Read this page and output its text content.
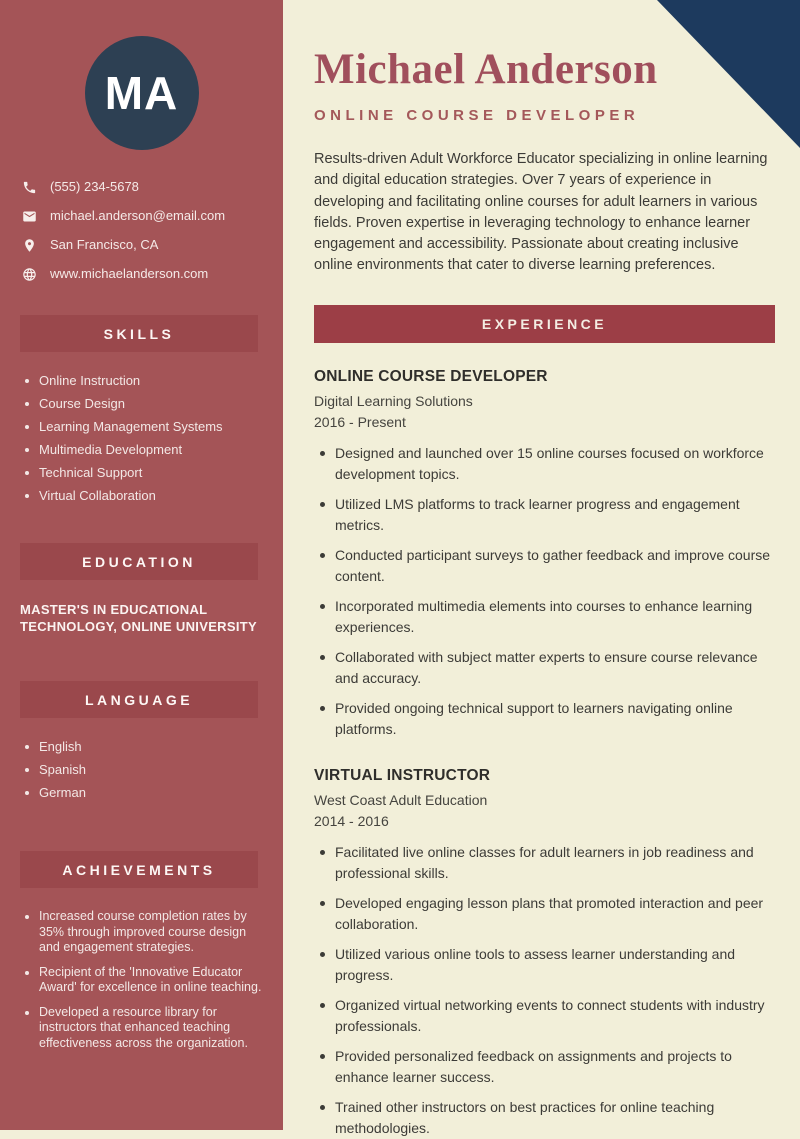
MA
(555) 234-5678
michael.anderson@email.com
San Francisco, CA
www.michaelanderson.com
SKILLS
Online Instruction
Course Design
Learning Management Systems
Multimedia Development
Technical Support
Virtual Collaboration
EDUCATION
MASTER'S IN EDUCATIONAL TECHNOLOGY, ONLINE UNIVERSITY
LANGUAGE
English
Spanish
German
ACHIEVEMENTS
Increased course completion rates by 35% through improved course design and engagement strategies.
Recipient of the 'Innovative Educator Award' for excellence in online teaching.
Developed a resource library for instructors that enhanced teaching effectiveness across the organization.
Michael Anderson
ONLINE COURSE DEVELOPER
Results-driven Adult Workforce Educator specializing in online learning and digital education strategies. Over 7 years of experience in developing and facilitating online courses for adult learners in various fields. Proven expertise in leveraging technology to enhance learner engagement and accessibility. Passionate about creating inclusive online environments that cater to diverse learning preferences.
EXPERIENCE
ONLINE COURSE DEVELOPER
Digital Learning Solutions
2016 - Present
Designed and launched over 15 online courses focused on workforce development topics.
Utilized LMS platforms to track learner progress and engagement metrics.
Conducted participant surveys to gather feedback and improve course content.
Incorporated multimedia elements into courses to enhance learning experiences.
Collaborated with subject matter experts to ensure course relevance and accuracy.
Provided ongoing technical support to learners navigating online platforms.
VIRTUAL INSTRUCTOR
West Coast Adult Education
2014 - 2016
Facilitated live online classes for adult learners in job readiness and professional skills.
Developed engaging lesson plans that promoted interaction and peer collaboration.
Utilized various online tools to assess learner understanding and progress.
Organized virtual networking events to connect students with industry professionals.
Provided personalized feedback on assignments and projects to enhance learner success.
Trained other instructors on best practices for online teaching methodologies.
